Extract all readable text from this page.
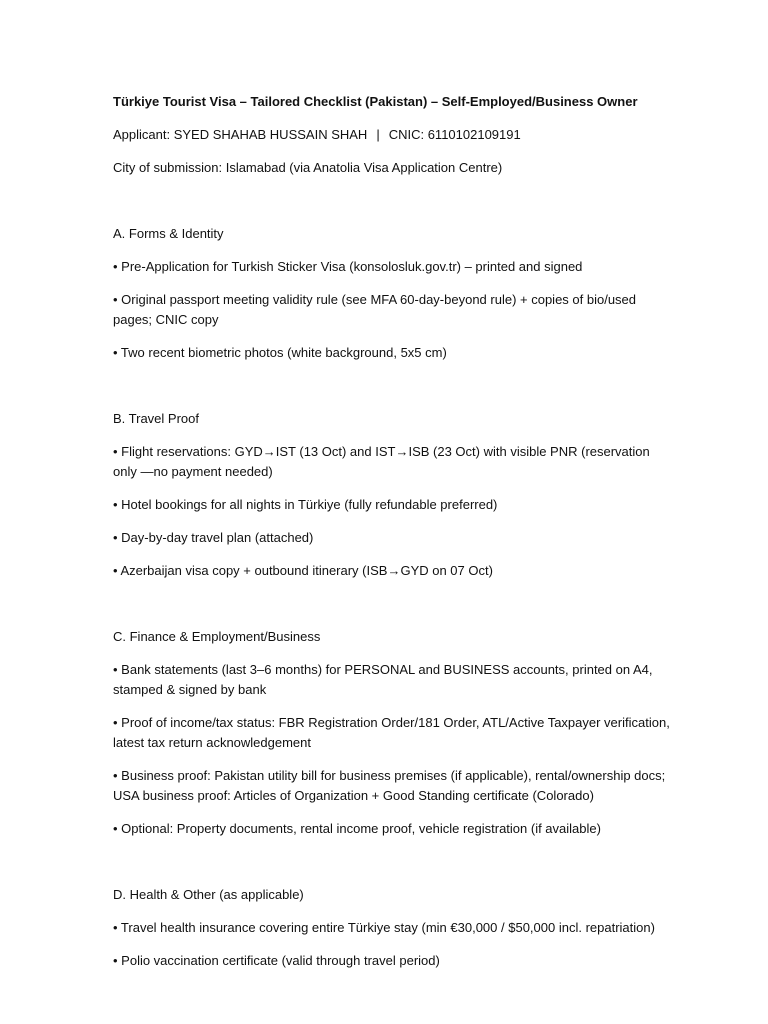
Türkiye Tourist Visa – Tailored Checklist (Pakistan) – Self-Employed/Business Owner

Applicant: SYED SHAHAB HUSSAIN SHAH | CNIC: 6110102109191

City of submission: Islamabad (via Anatolia Visa Application Centre)

A. Forms & Identity

• Pre-Application for Turkish Sticker Visa (konsolosluk.gov.tr) – printed and signed

• Original passport meeting validity rule (see MFA 60-day-beyond rule) + copies of bio/used pages; CNIC copy

• Two recent biometric photos (white background, 5x5 cm)

B. Travel Proof

• Flight reservations: GYD→IST (13 Oct) and IST→ISB (23 Oct) with visible PNR (reservation only —no payment needed)

• Hotel bookings for all nights in Türkiye (fully refundable preferred)

• Day-by-day travel plan (attached)

• Azerbaijan visa copy + outbound itinerary (ISB→GYD on 07 Oct)

C. Finance & Employment/Business

• Bank statements (last 3–6 months) for PERSONAL and BUSINESS accounts, printed on A4, stamped & signed by bank

• Proof of income/tax status: FBR Registration Order/181 Order, ATL/Active Taxpayer verification, latest tax return acknowledgement

• Business proof: Pakistan utility bill for business premises (if applicable), rental/ownership docs; USA business proof: Articles of Organization + Good Standing certificate (Colorado)

• Optional: Property documents, rental income proof, vehicle registration (if available)

D. Health & Other (as applicable)

• Travel health insurance covering entire Türkiye stay (min €30,000 / $50,000 incl. repatriation)

• Polio vaccination certificate (valid through travel period)
